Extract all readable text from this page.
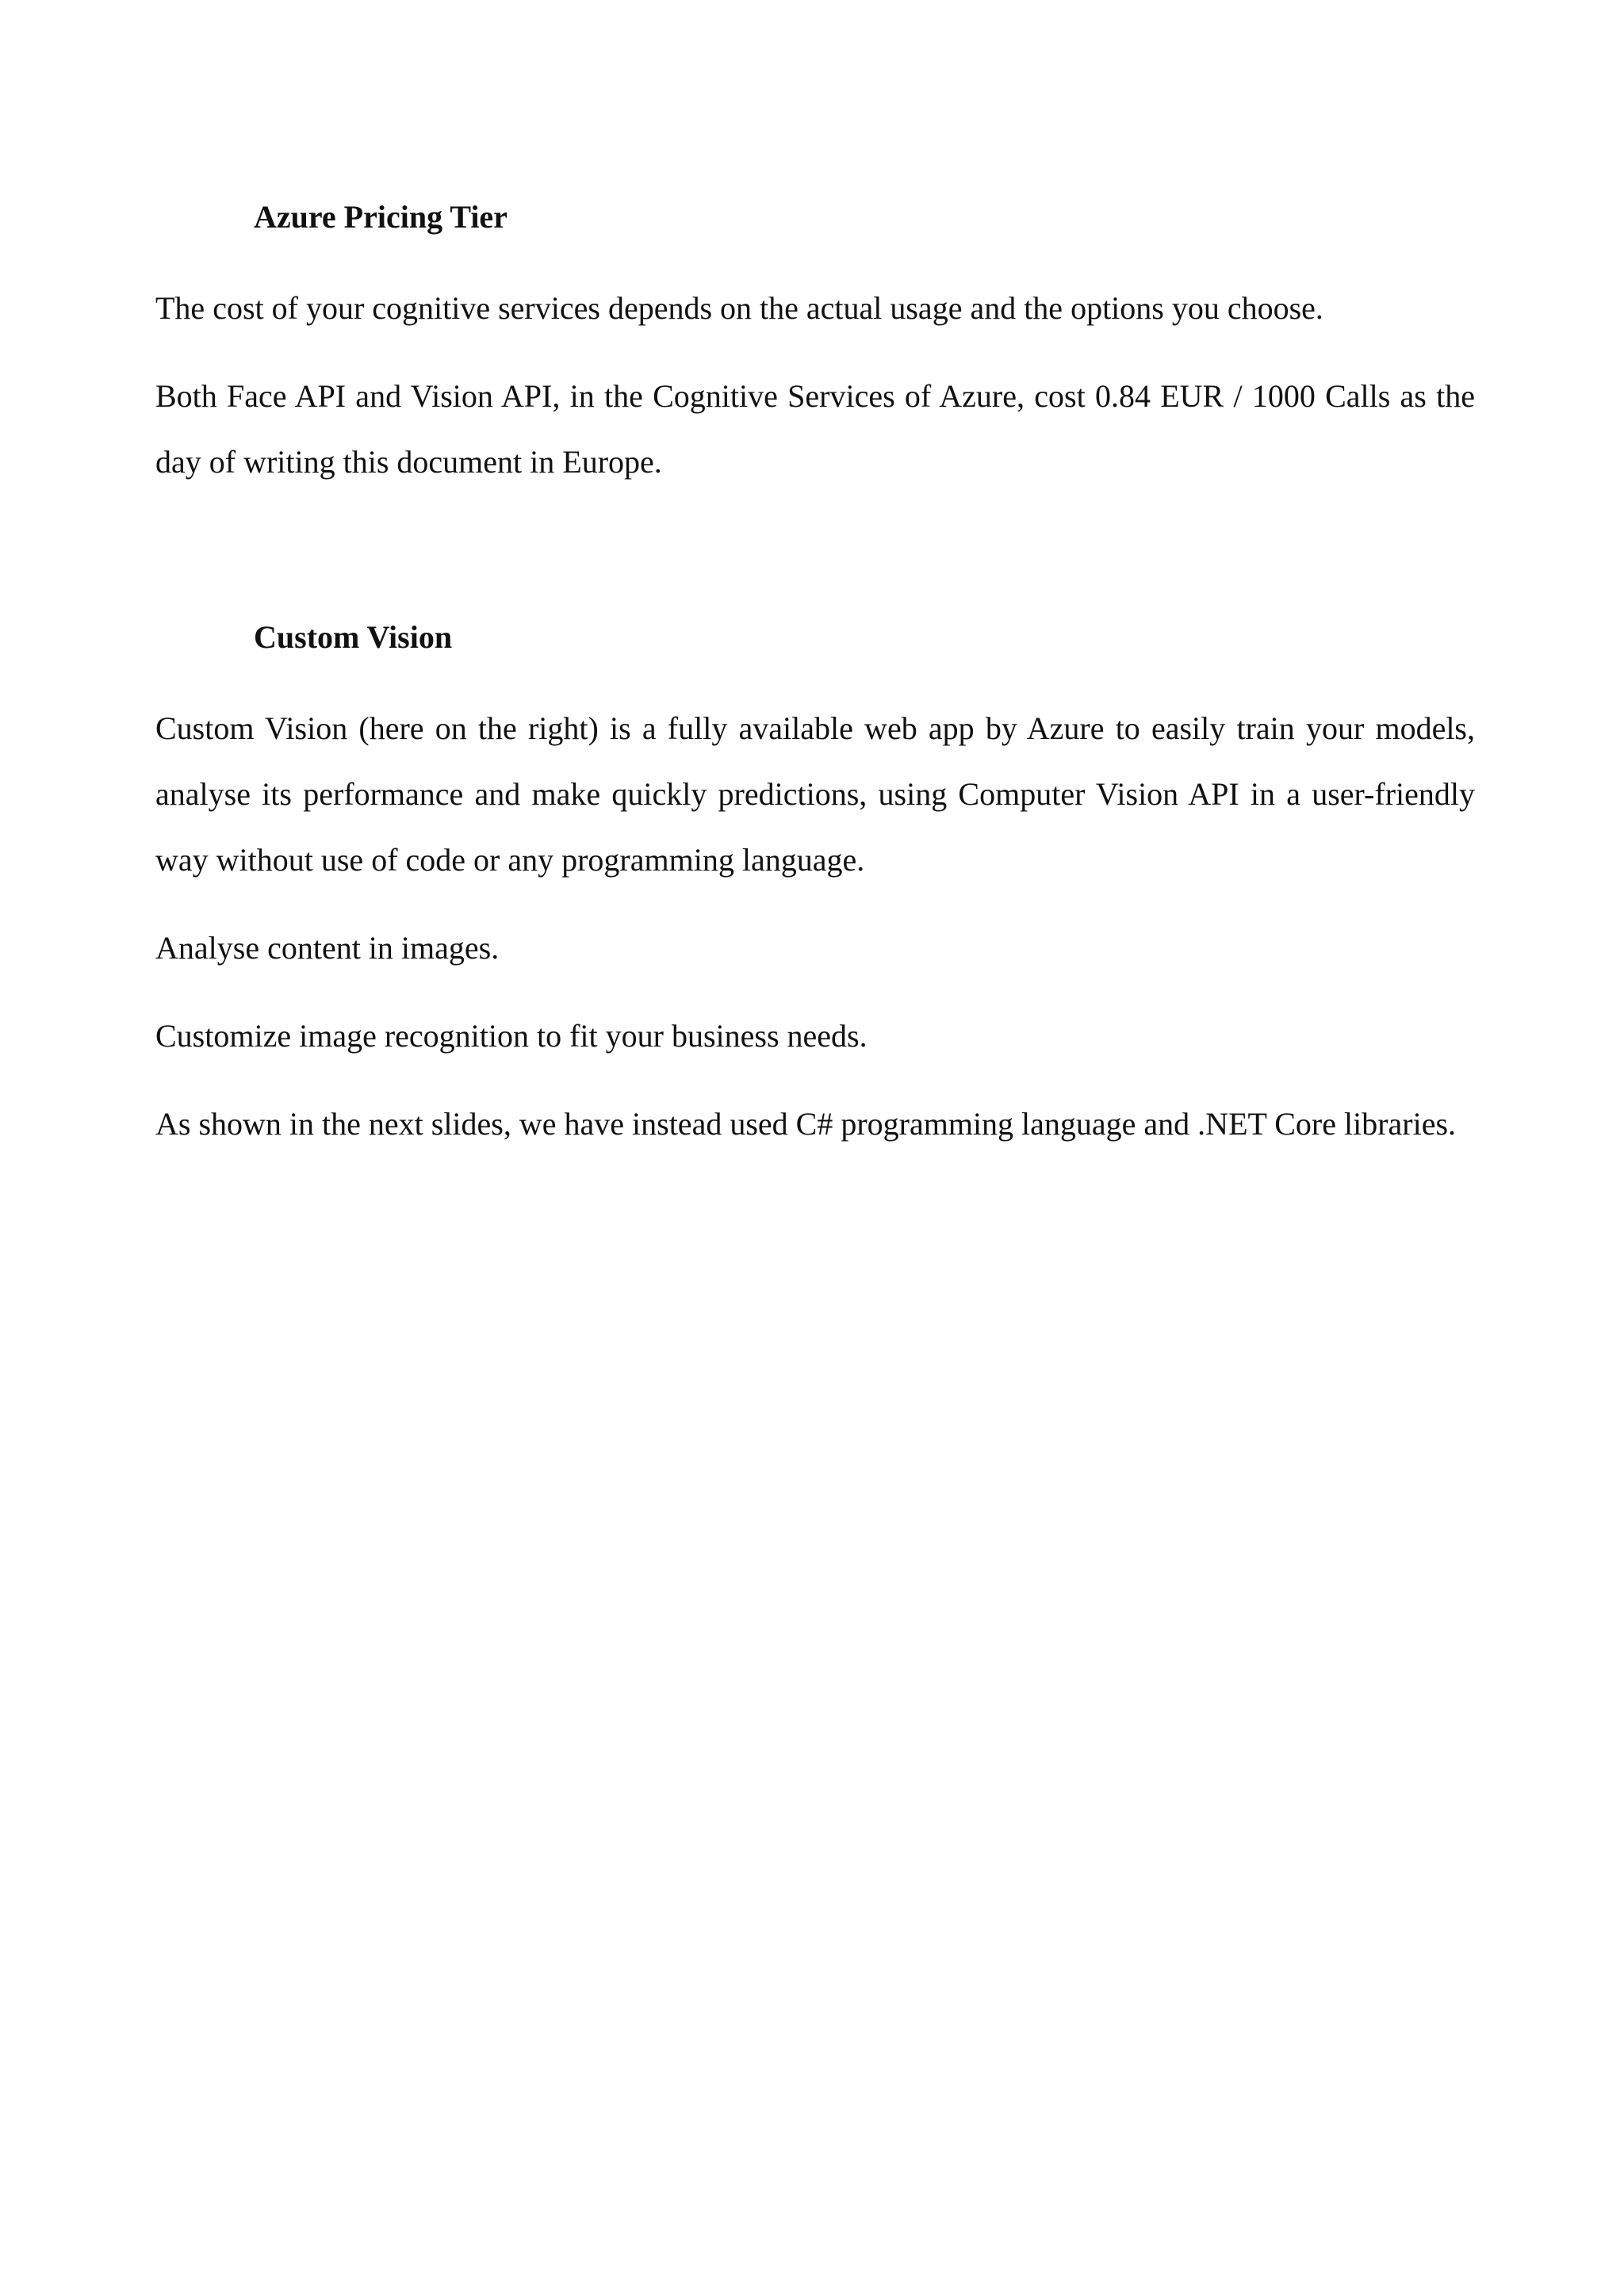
Azure Pricing Tier

The cost of your cognitive services depends on the actual usage and the options you choose.

Both Face API and Vision API, in the Cognitive Services of Azure, cost 0.84 EUR / 1000 Calls as the day of writing this document in Europe.

Custom Vision

Custom Vision (here on the right) is a fully available web app by Azure to easily train your models, analyse its performance and make quickly predictions, using Computer Vision API in a user-friendly way without use of code or any programming language.

Analyse content in images.

Customize image recognition to fit your business needs.

As shown in the next slides, we have instead used C# programming language and .NET Core libraries.
